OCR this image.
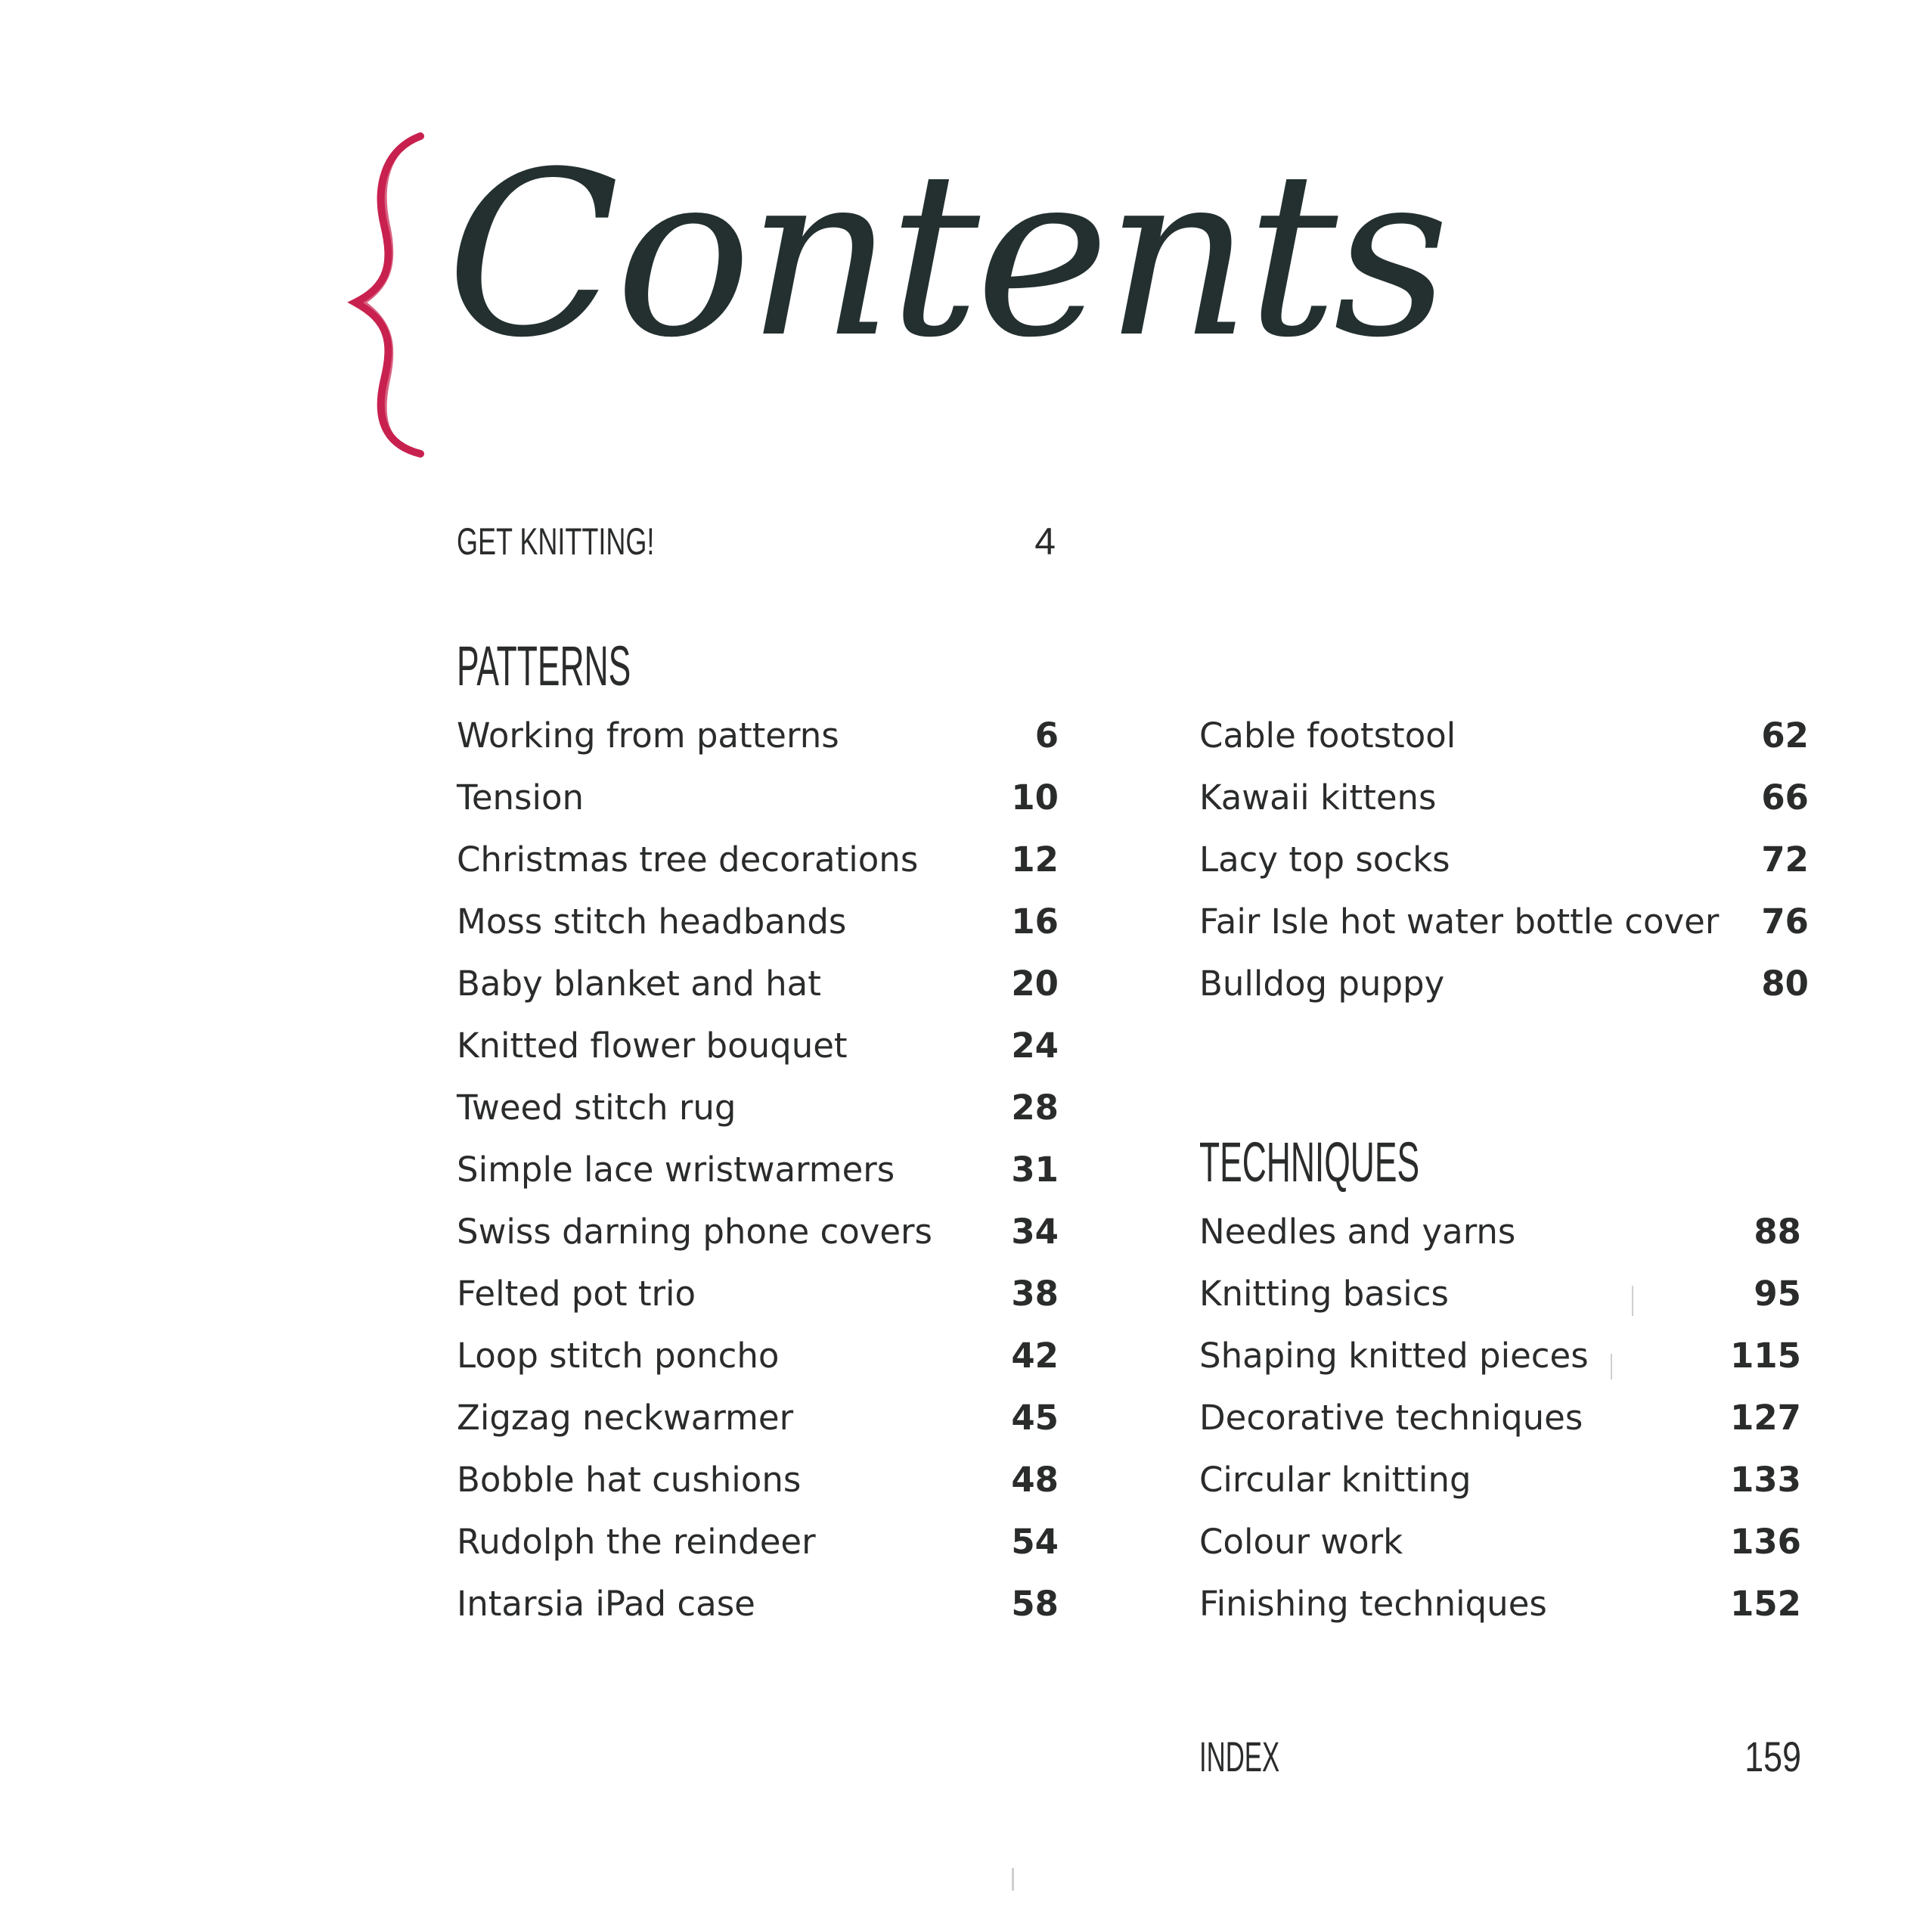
Contents
GET KNITTING!	4
PATTERNS
Working from patterns	6
Tension	10
Christmas tree decorations	12
Moss stitch headbands	16
Baby blanket and hat	20
Knitted flower bouquet	24
Tweed stitch rug	28
Simple lace wristwarmers	31
Swiss darning phone covers 34
Felted pot trio	38
Loop stitch poncho	42
Zigzag neckwarmer	45
Bobble hat cushions	48
Rudolph the reindeer	54
Intarsia iPad case	58
Cable footstool	62
Kawaii kittens	66
Lacy top socks	72
Fair Isle hot water bottle cover 76
Bulldog puppy	80
TECHNIQUES
Needles and yarns	88
Knitting basics	95
Shaping knitted pieces	115
Decorative techniques	127
Circular knitting	133
Colour work	136
Finishing techniques	152
INDEX	159
